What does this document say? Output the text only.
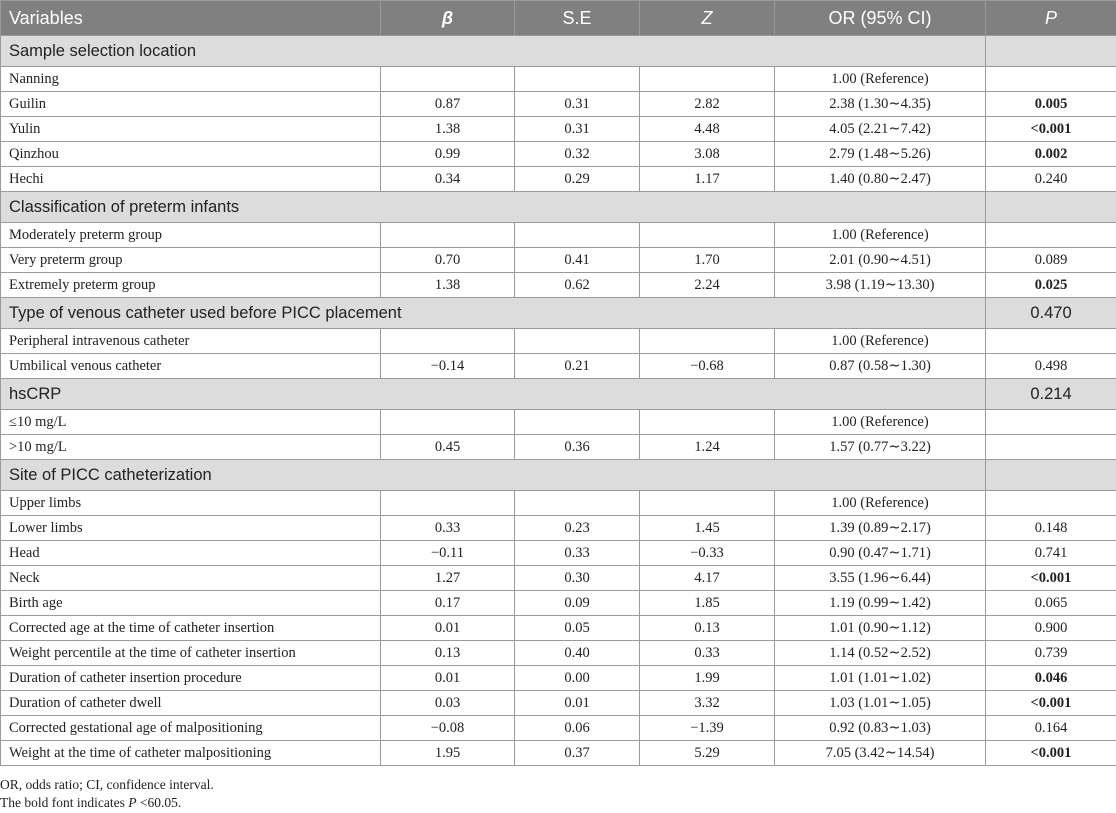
Variables	β	S.E	Z	OR (95% CI)	P
Sample selection location					
Nanning				1.00 (Reference)	
Guilin	0.87	0.31	2.82	2.38 (1.30∼4.35)	0.005
Yulin	1.38	0.31	4.48	4.05 (2.21∼7.42)	<0.001
Qinzhou	0.99	0.32	3.08	2.79 (1.48∼5.26)	0.002
Hechi	0.34	0.29	1.17	1.40 (0.80∼2.47)	0.240
Classification of preterm infants					
Moderately preterm group				1.00 (Reference)	
Very preterm group	0.70	0.41	1.70	2.01 (0.90∼4.51)	0.089
Extremely preterm group	1.38	0.62	2.24	3.98 (1.19∼13.30)	0.025
Type of venous catheter used before PICC placement					0.470
Peripheral intravenous catheter				1.00 (Reference)	
Umbilical venous catheter	−0.14	0.21	−0.68	0.87 (0.58∼1.30)	0.498
hsCRP					0.214
≤10 mg/L				1.00 (Reference)	
>10 mg/L	0.45	0.36	1.24	1.57 (0.77∼3.22)	
Site of PICC catheterization					
Upper limbs				1.00 (Reference)	
Lower limbs	0.33	0.23	1.45	1.39 (0.89∼2.17)	0.148
Head	−0.11	0.33	−0.33	0.90 (0.47∼1.71)	0.741
Neck	1.27	0.30	4.17	3.55 (1.96∼6.44)	<0.001
Birth age	0.17	0.09	1.85	1.19 (0.99∼1.42)	0.065
Corrected age at the time of catheter insertion	0.01	0.05	0.13	1.01 (0.90∼1.12)	0.900
Weight percentile at the time of catheter insertion	0.13	0.40	0.33	1.14 (0.52∼2.52)	0.739
Duration of catheter insertion procedure	0.01	0.00	1.99	1.01 (1.01∼1.02)	0.046
Duration of catheter dwell	0.03	0.01	3.32	1.03 (1.01∼1.05)	<0.001
Corrected gestational age of malpositioning	−0.08	0.06	−1.39	0.92 (0.83∼1.03)	0.164
Weight at the time of catheter malpositioning	1.95	0.37	5.29	7.05 (3.42∼14.54)	<0.001
OR, odds ratio; CI, confidence interval.
The bold font indicates P <60.05.
